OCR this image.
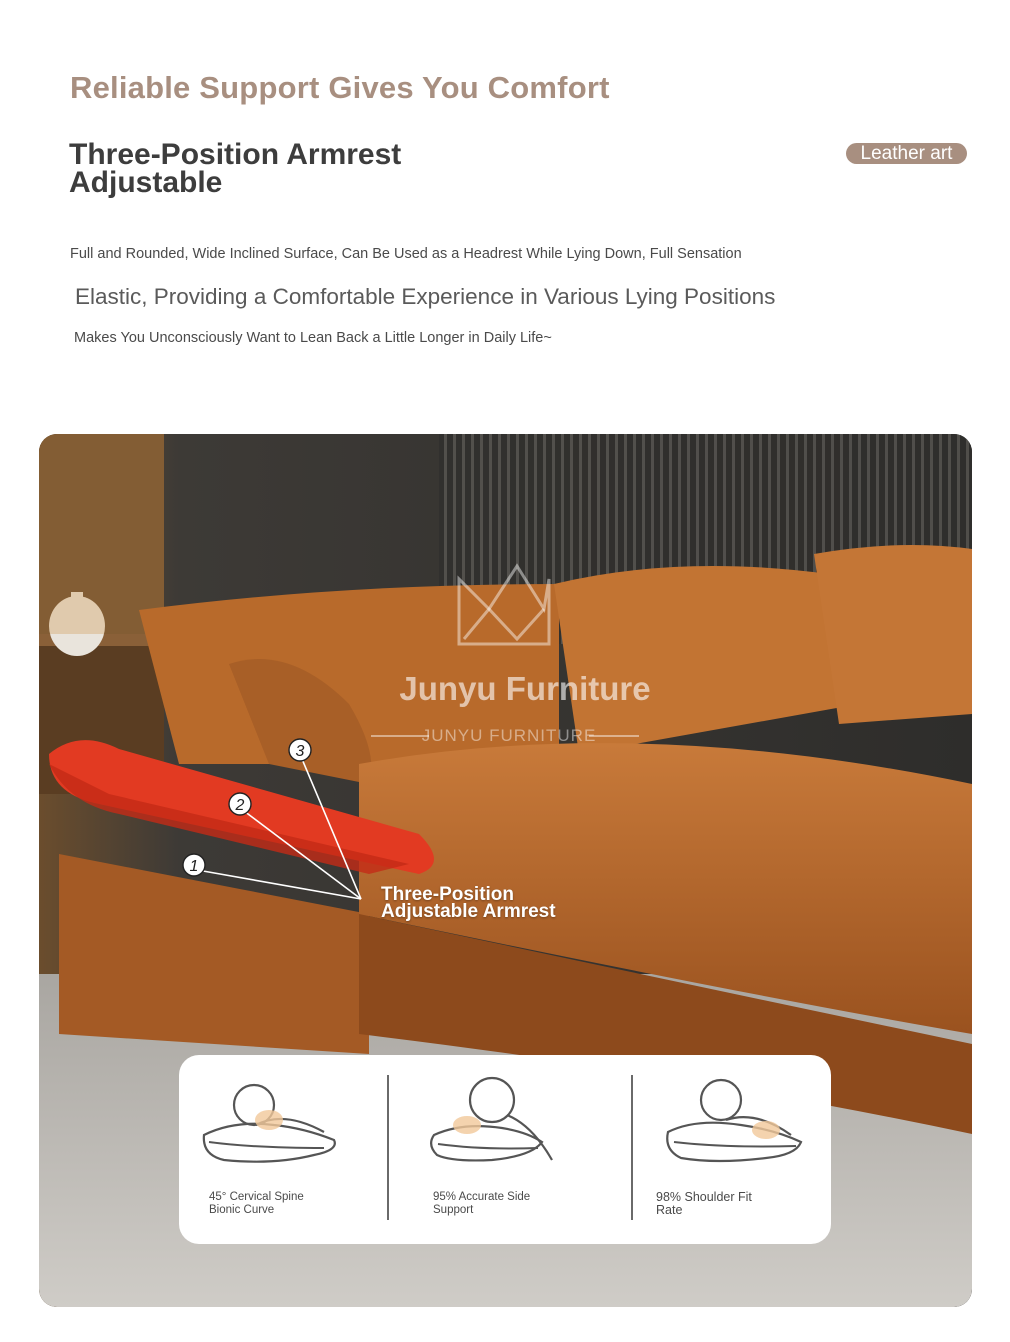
Reliable Support Gives You Comfort
Three-Position Armrest Adjustable
Leather art
Full and Rounded, Wide Inclined Surface, Can Be Used as a Headrest While Lying Down, Full Sensation
Elastic, Providing a Comfortable Experience in Various Lying Positions
Makes You Unconsciously Want to Lean Back a Little Longer in Daily Life~
1
2
3
Junyu Furniture
JUNYU FURNITURE
Three-Position Adjustable Armrest
45° Cervical Spine Bionic Curve
95% Accurate Side Support
98% Shoulder Fit Rate
